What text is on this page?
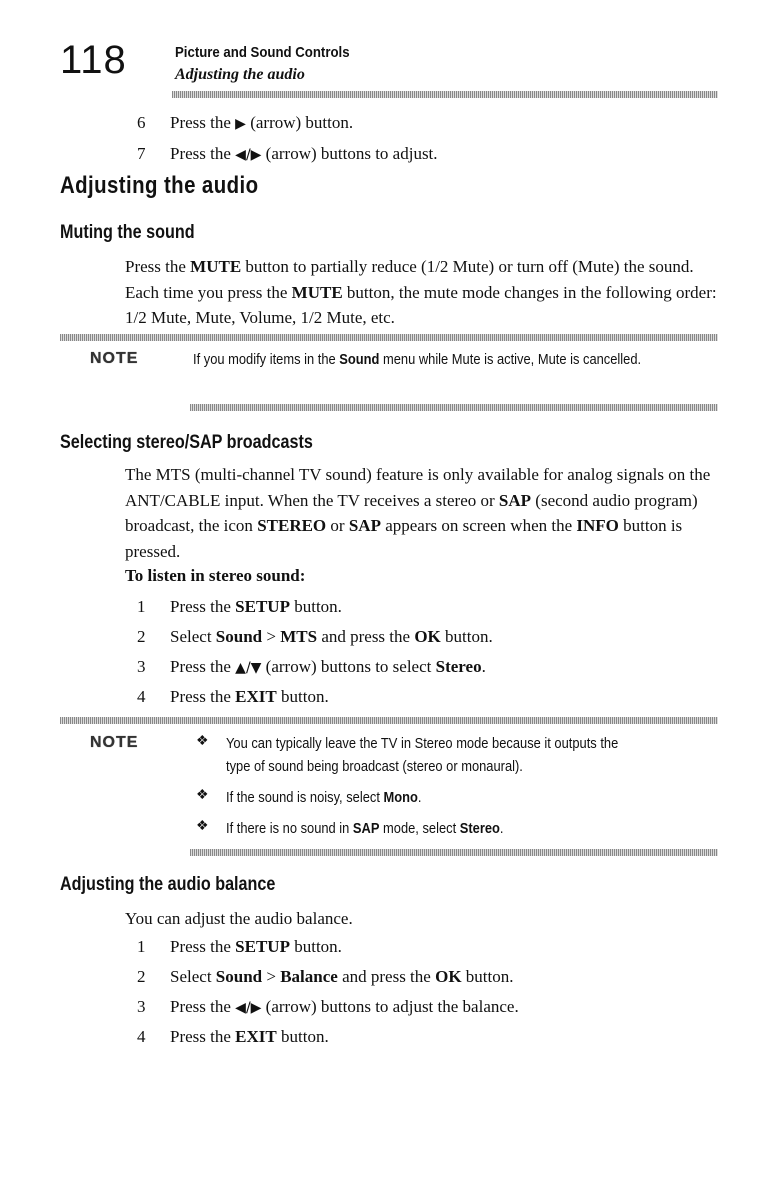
118	Picture and Sound Controls
Adjusting the audio
6	Press the ▶ (arrow) button.
7	Press the ◀/▶ (arrow) buttons to adjust.
Adjusting the audio
Muting the sound
Press the MUTE button to partially reduce (1/2 Mute) or turn off (Mute) the sound. Each time you press the MUTE button, the mute mode changes in the following order: 1/2 Mute, Mute, Volume, 1/2 Mute, etc.
NOTE	If you modify items in the Sound menu while Mute is active, Mute is cancelled.
Selecting stereo/SAP broadcasts
The MTS (multi-channel TV sound) feature is only available for analog signals on the ANT/CABLE input. When the TV receives a stereo or SAP (second audio program) broadcast, the icon STEREO or SAP appears on screen when the INFO button is pressed.
To listen in stereo sound:
1	Press the SETUP button.
2	Select Sound > MTS and press the OK button.
3	Press the ▲/▼ (arrow) buttons to select Stereo.
4	Press the EXIT button.
NOTE	❖ You can typically leave the TV in Stereo mode because it outputs the
type of sound being broadcast (stereo or monaural).
❖ If the sound is noisy, select Mono.
❖ If there is no sound in SAP mode, select Stereo.
Adjusting the audio balance
You can adjust the audio balance.
1	Press the SETUP button.
2	Select Sound > Balance and press the OK button.
3	Press the ◀/▶ (arrow) buttons to adjust the balance.
4	Press the EXIT button.
